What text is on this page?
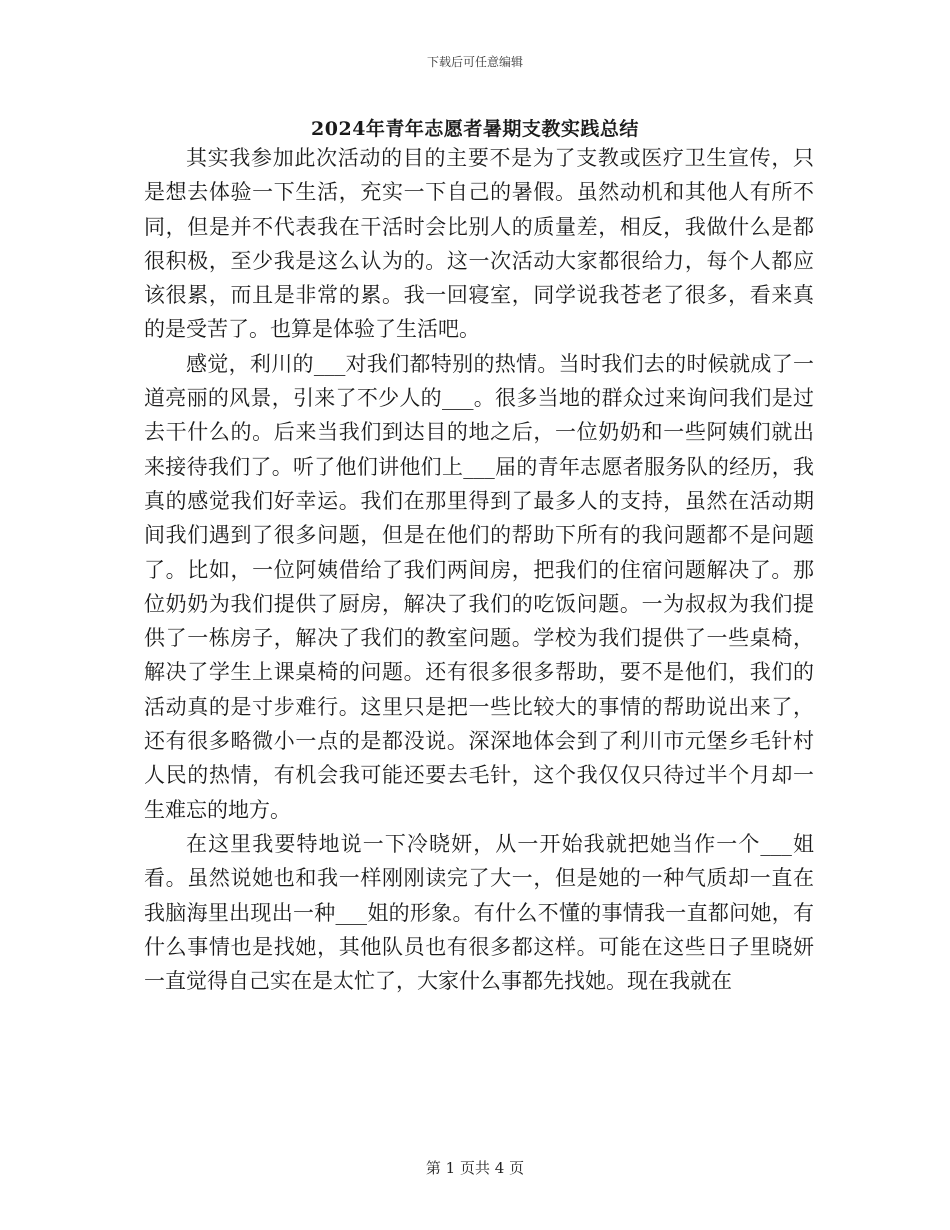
下载后可任意编辑
2024年青年志愿者暑期支教实践总结

其实我参加此次活动的目的主要不是为了支教或医疗卫生宣传，只是想去体验一下生活，充实一下自己的暑假。虽然动机和其他人有所不同，但是并不代表我在干活时会比别人的质量差，相反，我做什么是都很积极，至少我是这么认为的。这一次活动大家都很给力，每个人都应该很累，而且是非常的累。我一回寝室，同学说我苍老了很多，看来真的是受苦了。也算是体验了生活吧。

感觉，利川的___对我们都特别的热情。当时我们去的时候就成了一道亮丽的风景，引来了不少人的___。很多当地的群众过来询问我们是过去干什么的。后来当我们到达目的地之后，一位奶奶和一些阿姨们就出来接待我们了。听了他们讲他们上___届的青年志愿者服务队的经历，我真的感觉我们好幸运。我们在那里得到了最多人的支持，虽然在活动期间我们遇到了很多问题，但是在他们的帮助下所有的我问题都不是问题了。比如，一位阿姨借给了我们两间房，把我们的住宿问题解决了。那位奶奶为我们提供了厨房，解决了我们的吃饭问题。一为叔叔为我们提供了一栋房子，解决了我们的教室问题。学校为我们提供了一些桌椅，解决了学生上课桌椅的问题。还有很多很多帮助，要不是他们，我们的活动真的是寸步难行。这里只是把一些比较大的事情的帮助说出来了，还有很多略微小一点的是都没说。深深地体会到了利川市元堡乡毛针村人民的热情，有机会我可能还要去毛针，这个我仅仅只待过半个月却一生难忘的地方。

在这里我要特地说一下冷晓妍，从一开始我就把她当作一个___姐看。虽然说她也和我一样刚刚读完了大一，但是她的一种气质却一直在我脑海里出现出一种___姐的形象。有什么不懂的事情我一直都问她，有什么事情也是找她，其他队员也有很多都这样。可能在这些日子里晓妍一直觉得自己实在是太忙了，大家什么事都先找她。现在我就在

第 1 页共 4 页
